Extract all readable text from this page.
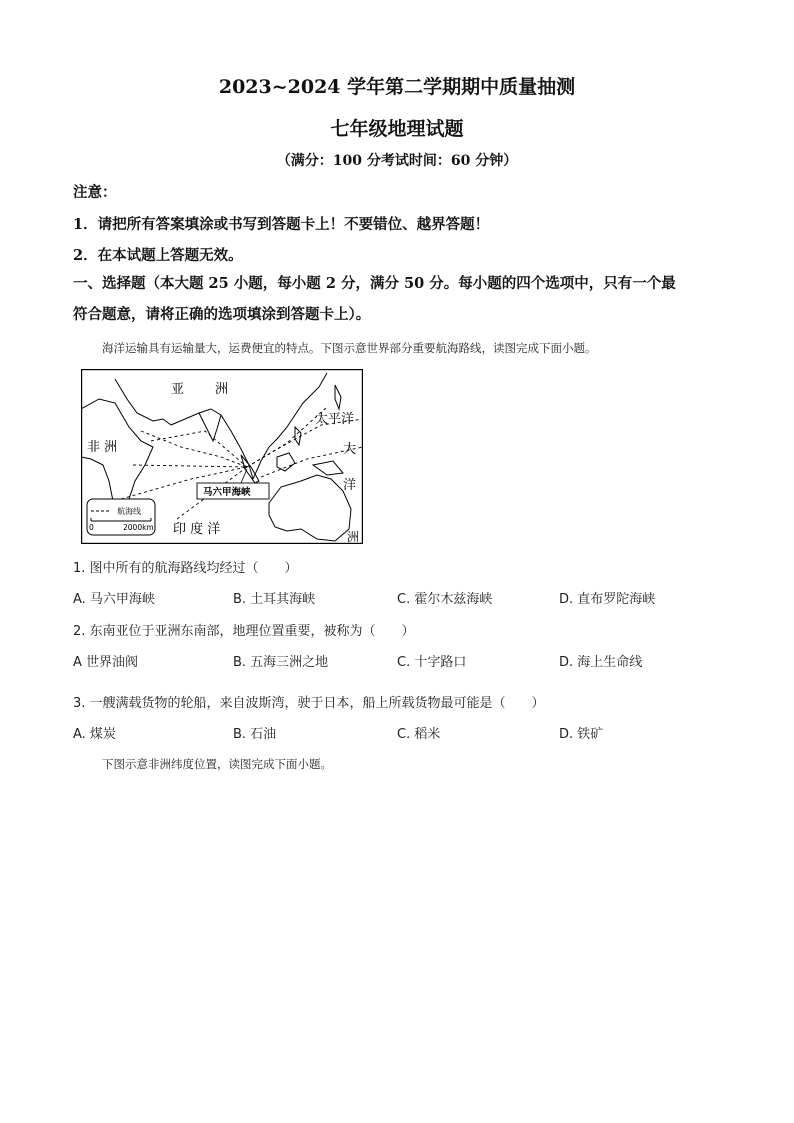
2023~2024 学年第二学期期中质量抽测
七年级地理试题
（满分：100 分考试时间：60 分钟）
注意：
1．请把所有答案填涂或书写到答题卡上！不要错位、越界答题！
2．在本试题上答题无效。
一、选择题（本大题 25 小题，每小题 2 分，满分 50 分。每小题的四个选项中，只有一个最
符合题意，请将正确的选项填涂到答题卡上）。
海洋运输具有运输量大，运费便宜的特点。下图示意世界部分重要航海路线，读图完成下面小题。
亚 洲
非 洲
太平洋
大
洋
洲
印 度 洋
马六甲海峡
航海线
0	2000km
1. 图中所有的航海路线均经过（　　）
A. 马六甲海峡	B. 土耳其海峡	C. 霍尔木兹海峡	D. 直布罗陀海峡
2. 东南亚位于亚洲东南部，地理位置重要，被称为（　　）
A 世界油阀	B. 五海三洲之地	C. 十字路口	D. 海上生命线
3. 一艘满载货物的轮船，来自波斯湾，驶于日本，船上所载货物最可能是（　　）
A. 煤炭	B. 石油	C. 稻米	D. 铁矿
下图示意非洲纬度位置，读图完成下面小题。
